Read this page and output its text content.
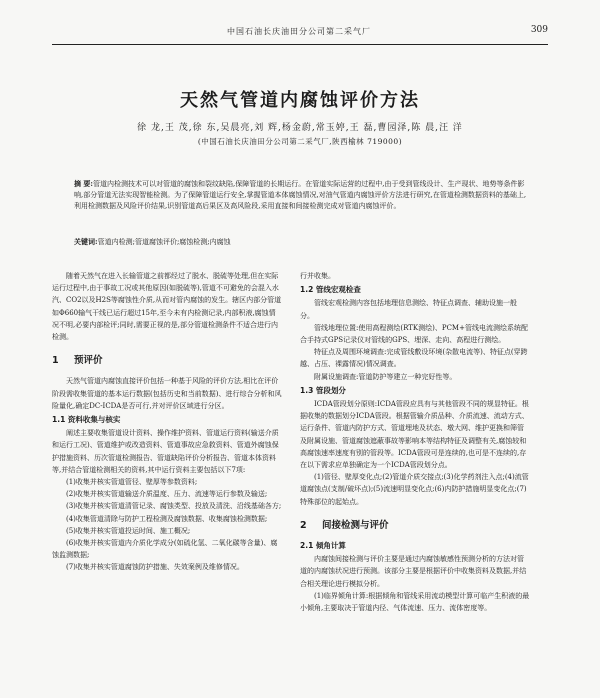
中国石油长庆油田分公司第二采气厂	309
天然气管道内腐蚀评价方法
徐 龙,王 茂,徐 东,吴晨亮,刘 辉,杨金蔚,常玉婷,王 磊,曹园泽,陈 晨,汪 洋
(中国石油长庆油田分公司第二采气厂,陕西榆林 719000)
摘 要:管道内检测技术可以对管道的腐蚀和裂纹缺陷,保障管道的长期运行。在管道实际运营的过程中,由于受到管线设计、生产现状、地势等条件影响,部分管道无法实现智能检测。为了保障管道运行安全,掌握管道本体腐蚀情况,对油气管道内腐蚀评价方法进行研究,在管道检测数据资料的基础上,利用检测数据及风险评价结果,识别管道高后果区及高风险段,采用直接和间接检测完成对管道内腐蚀评价。
关键词:管道内检测;管道腐蚀评价;腐蚀检测;内腐蚀

随着天然气在进入长输管道之前都经过了脱水、脱硫等处理,但在实际运行过程中,由于事故工况或其他原因(如脱硫等),管道不可避免的会混入水汽、CO2以及H2S等腐蚀性介质,从而对管内腐蚀的发生。辖区内部分管道如Φ660输气干线已运行超过15年,至今未有内检测记录,内部积液,腐蚀情况不明,必要内部检评;同时,需要正视的是,部分管道检测条件不适合进行内检测。

1 预评价

天然气管道内腐蚀直接评价包括一种基于风险的评价方法,相比在评价阶段需收集管道的基本运行数据(包括历史和当前数据)、进行综合分析和风险量化,确定DC-ICDA是否可行,并对评价区域进行分区。

1.1 资料收集与核实

阐述主要收集管道设计资料、操作维护资料、管道运行资料(输送介质和运行工况)、管道维护或改造资料、管道事故应急救资料、管道外腐蚀保护措施资料、历次管道检测报告、管道缺陷评价分析报告、管道本体资料等,并结合管道检测相关的资料,其中运行资料主要包括以下7项:

(1)收集并核实管道管径、壁厚等参数资料;

(2)收集并核实管道输送介质温度、压力、流速等运行参数及输送;

(3)收集并核实管道清管记录、腐蚀类型、投放及清洗、沿线基础各方;

(4)收集管道清除与防护工程检测及腐蚀数据、收集腐蚀检测数据;

(5)收集并核实管道投运时间、施工概况;

(6)收集并核实管道内介质化学成分(如硫化氢、二氧化碳等含量)、腐蚀监测数据;

(7)收集并核实管道腐蚀防护措施、失效案例及维修情况。

行并收集。

1.2 管线宏观检查

管线宏观检测内容包括地理信息测绘、特征点调查、辅助设施一般分。

管线地理位置:使用高程测绘(RTK测绘)、PCM+管线电流测绘系统配合手持式GPS记录仪对管线的GPS、埋深、走向、高程进行测绘。

特征点及周围环境调查:完成管线敷设环境(杂散电流等)、特征点(穿跨越、占压、裸露情况)情况调查。

附属设施调查:管道防护等建立一种完好性等。

1.3 管段划分

ICDA管段划分原则:ICDA管段应具有与其他管段不同的规显特征。根据收集的数据划分ICDA管段。根据管输介质品种、介质流速、流动方式、运行条件、管道内防护方式、管道埋地及状态、墩大网、维护更换和筛管及附属设施、管道腐蚀遮蔽事故等影响本等结构特征及调整有关,腐蚀较和高腐蚀速率速度有别的管段等。ICDA管段可是连续的,也可是不连续的,存在以下需求应单独确定为一个ICDA管段划分点。

(1)管径、壁厚变化点;(2)管道介质交接点;(3)化学药剂注入点;(4)流管道腐蚀点(支制/破坏点);(5)流速明显变化点;(6)内防护措施明显变化点;(7)特殊部位的起始点。

2 间接检测与评价
2.1 倾角计算

内腐蚀间接检测与评价主要是通过内腐蚀敏感性预测分析的方法对管道的内腐蚀状况进行预测。该部分主要是根据评价中收集资料及数据,并结合相关理论进行模拟分析。

(1)临界倾角计算:根据倾角和管线采用流动模型计算可临产生积液的最小倾角,主要取决于管道内径、气体流速、压力、流体密度等。
